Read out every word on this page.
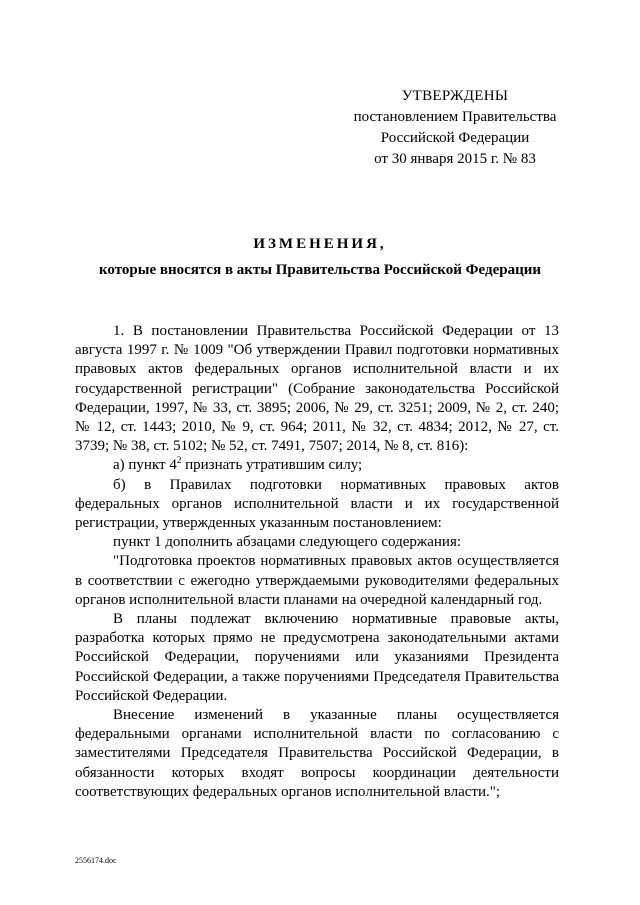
УТВЕРЖДЕНЫ
постановлением Правительства
Российской Федерации
от 30 января 2015 г. № 83
ИЗМЕНЕНИЯ,
которые вносятся в акты Правительства Российской Федерации

1. В постановлении Правительства Российской Федерации от 13 августа 1997 г. № 1009 "Об утверждении Правил подготовки нормативных правовых актов федеральных органов исполнительной власти и их государственной регистрации" (Собрание законодательства Российской Федерации, 1997, № 33, ст. 3895; 2006, № 29, ст. 3251; 2009, № 2, ст. 240; № 12, ст. 1443; 2010, № 9, ст. 964; 2011, № 32, ст. 4834; 2012, № 27, ст. 3739; № 38, ст. 5102; № 52, ст. 7491, 7507; 2014, № 8, ст. 816):

а) пункт $4^2$ признать утратившим силу;

б) в Правилах подготовки нормативных правовых актов федеральных органов исполнительной власти и их государственной регистрации, утвержденных указанным постановлением:

пункт 1 дополнить абзацами следующего содержания:

"Подготовка проектов нормативных правовых актов осуществляется в соответствии с ежегодно утверждаемыми руководителями федеральных органов исполнительной власти планами на очередной календарный год.

В планы подлежат включению нормативные правовые акты, разработка которых прямо не предусмотрена законодательными актами Российской Федерации, поручениями или указаниями Президента Российской Федерации, а также поручениями Председателя Правительства Российской Федерации.

Внесение изменений в указанные планы осуществляется федеральными органами исполнительной власти по согласованию с заместителями Председателя Правительства Российской Федерации, в обязанности которых входят вопросы координации деятельности соответствующих федеральных органов исполнительной власти.";

2556174.doc
